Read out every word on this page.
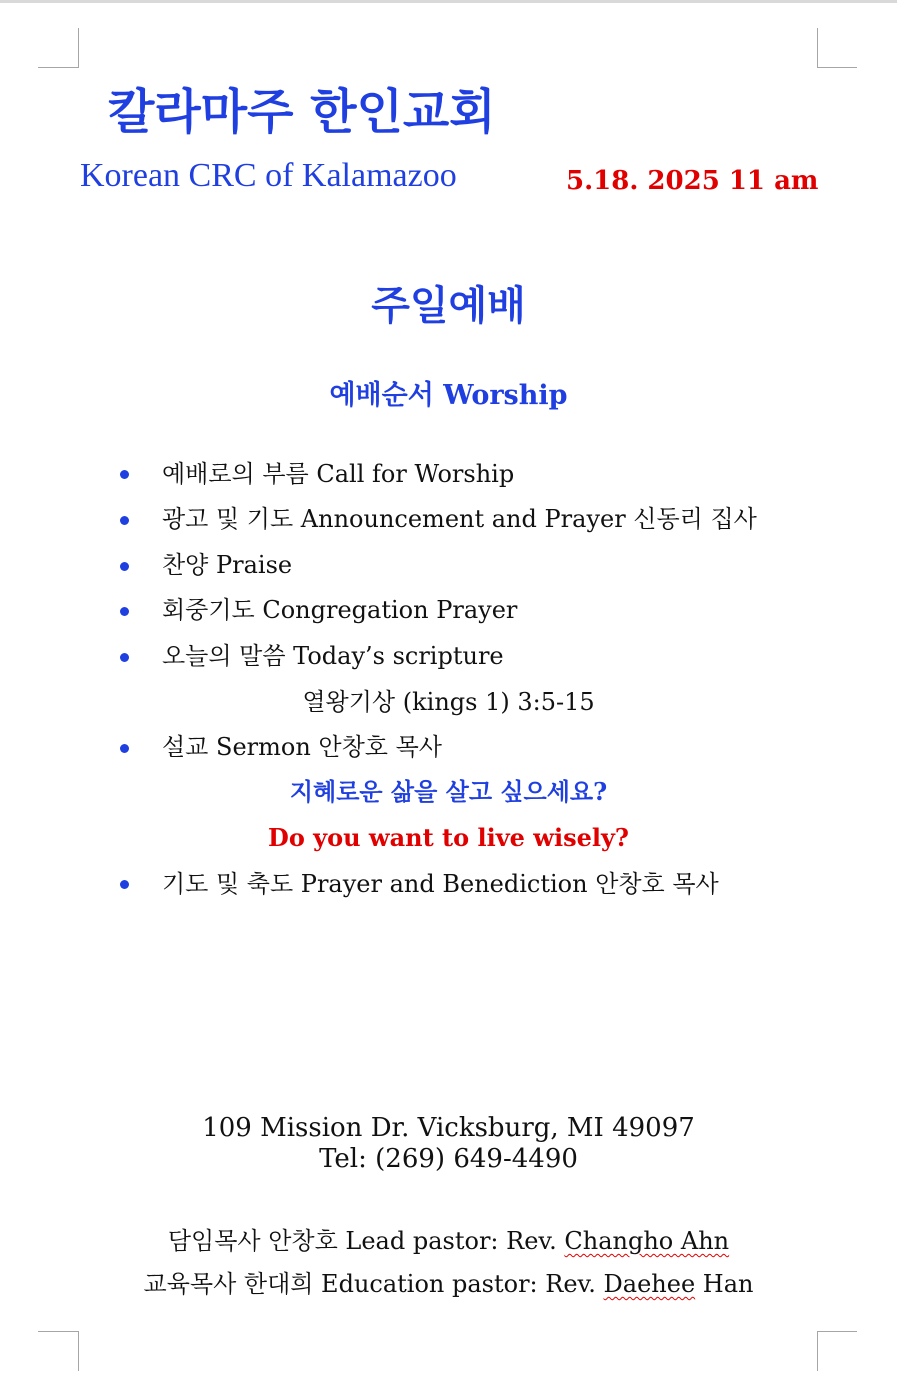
칼라마주 한인교회
Korean CRC of Kalamazoo	5.18. 2025 11 am
주일예배
예배순서 Worship
예배로의 부름 Call for Worship
광고 및 기도 Announcement and Prayer 신동리 집사
찬양 Praise
회중기도 Congregation Prayer
오늘의 말씀 Today’s scripture
열왕기상 (kings 1) 3:5-15
설교 Sermon 안창호 목사
지혜로운 삶을 살고 싶으세요?
Do you want to live wisely?
기도 및 축도 Prayer and Benediction 안창호 목사
109 Mission Dr. Vicksburg, MI 49097
Tel: (269) 649-4490
담임목사 안창호 Lead pastor: Rev. Changho Ahn
교육목사 한대희 Education pastor: Rev. Daehee Han
